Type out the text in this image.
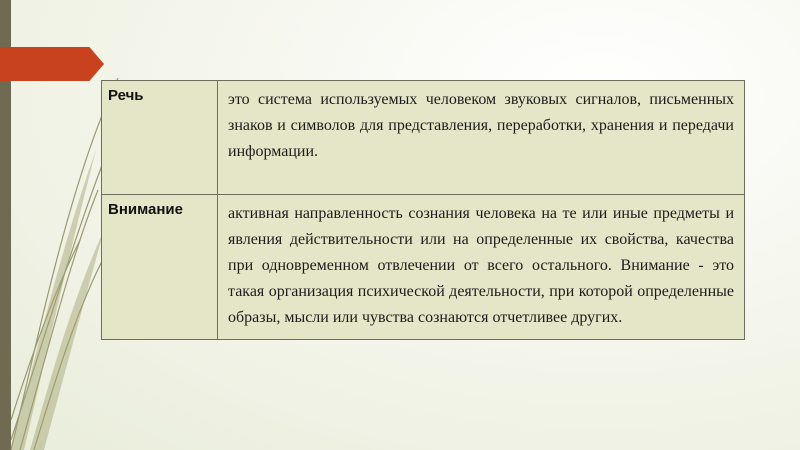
Речь	это система используемых человеком звуковых сигналов, письменных знаков и символов для представления, переработки, хранения и передачи информации.
Внимание	активная направленность сознания человека на те или иные предметы и явления действительности или на определенные их свойства, качества при одновременном отвлечении от всего остального. Внимание - это такая организация психической деятельности, при которой определенные образы, мысли или чувства сознаются отчетливее других.
